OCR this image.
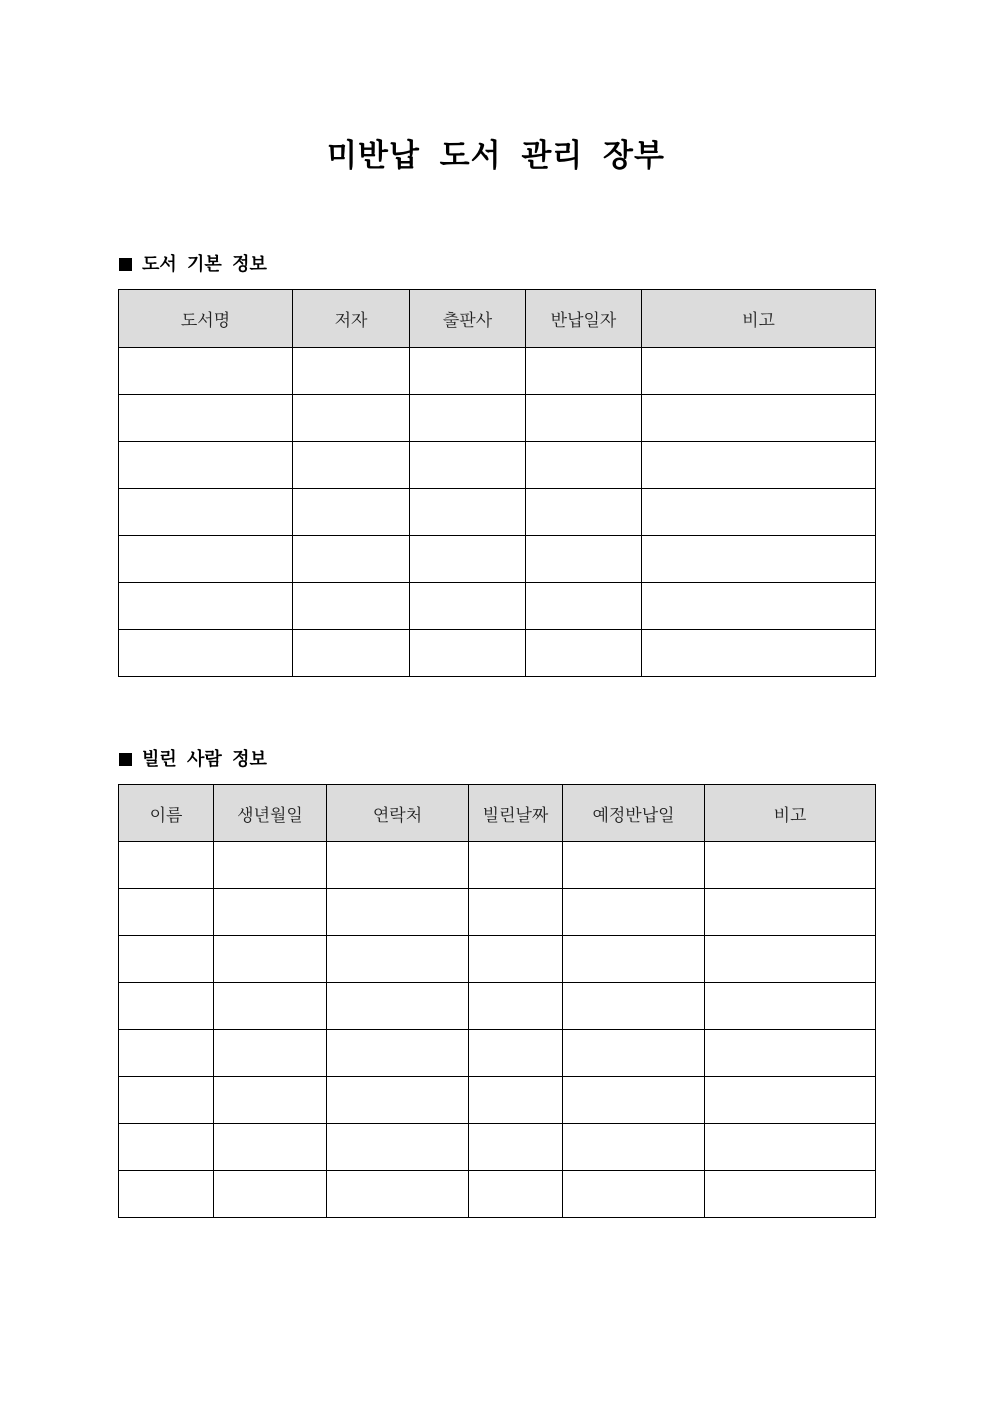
미반납 도서 관리 장부
도서 기본 정보
도서명	저자	출판사	반납일자	비고

빌린 사람 정보
이름	생년월일	연락처	빌린날짜	예정반납일	비고
